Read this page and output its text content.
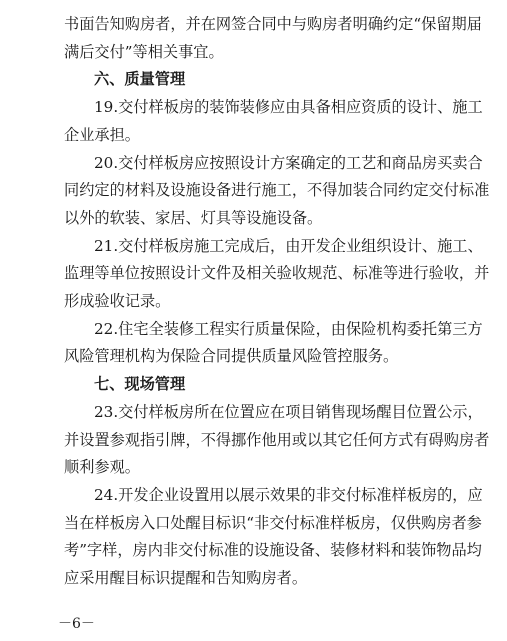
书面告知购房者，并在网签合同中与购房者明确约定“保留期届
满后交付”等相关事宜。
六、质量管理
19.交付样板房的装饰装修应由具备相应资质的设计、施工
企业承担。
20.交付样板房应按照设计方案确定的工艺和商品房买卖合
同约定的材料及设施设备进行施工，不得加装合同约定交付标准
以外的软装、家居、灯具等设施设备。
21.交付样板房施工完成后，由开发企业组织设计、施工、
监理等单位按照设计文件及相关验收规范、标准等进行验收，并
形成验收记录。
22.住宅全装修工程实行质量保险，由保险机构委托第三方
风险管理机构为保险合同提供质量风险管控服务。
七、现场管理
23.交付样板房所在位置应在项目销售现场醒目位置公示，
并设置参观指引牌，不得挪作他用或以其它任何方式有碍购房者
顺利参观。
24.开发企业设置用以展示效果的非交付标准样板房的，应
当在样板房入口处醒目标识“非交付标准样板房，仅供购房者参
考”字样，房内非交付标准的设施设备、装修材料和装饰物品均
应采用醒目标识提醒和告知购房者。
－6－
